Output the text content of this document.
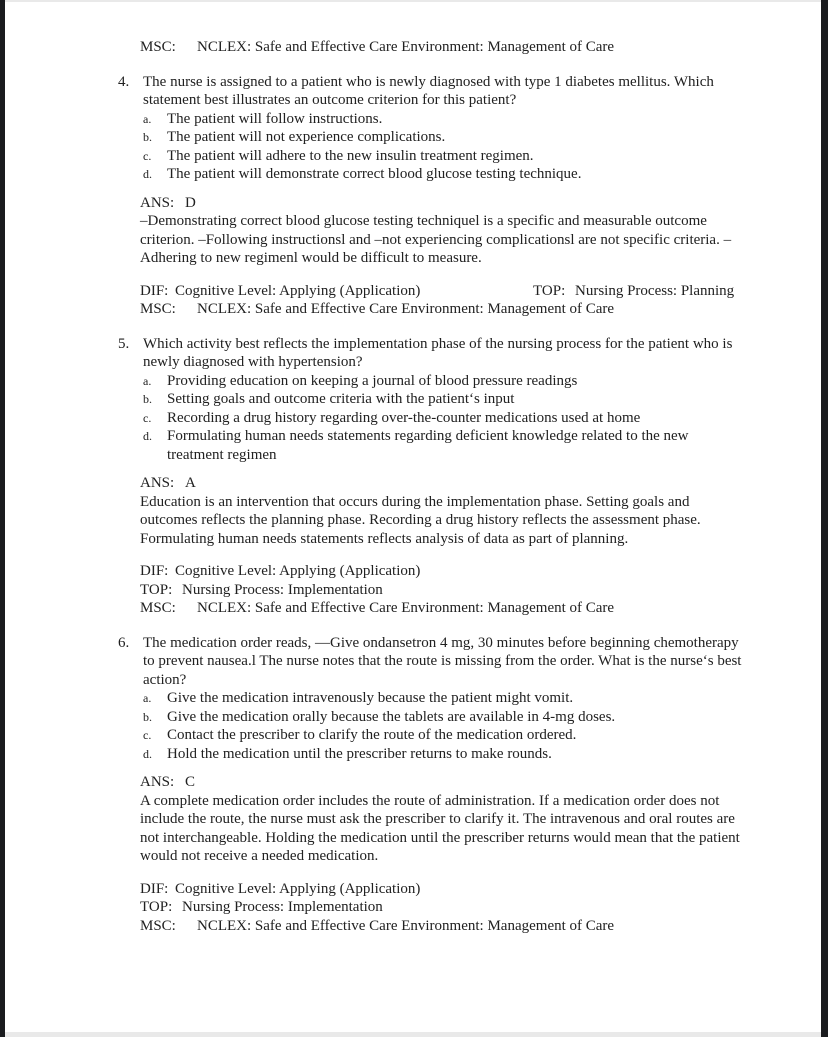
MSC: NCLEX: Safe and Effective Care Environment: Management of Care
4. The nurse is assigned to a patient who is newly diagnosed with type 1 diabetes mellitus. Which statement best illustrates an outcome criterion for this patient?
a.	The patient will follow instructions.
b.	The patient will not experience complications.
c.	The patient will adhere to the new insulin treatment regimen.
d.	The patient will demonstrate correct blood glucose testing technique.
ANS: D
–Demonstrating correct blood glucose testing techniquel is a specific and measurable outcome criterion. –Following instructionsl and –not experiencing complicationsl are not specific criteria. –Adhering to new regimenl would be difficult to measure.
DIF: Cognitive Level: Applying (Application)	TOP: Nursing Process: Planning
MSC: NCLEX: Safe and Effective Care Environment: Management of Care
5. Which activity best reflects the implementation phase of the nursing process for the patient who is newly diagnosed with hypertension?
a.	Providing education on keeping a journal of blood pressure readings
b.	Setting goals and outcome criteria with the patient‘s input
c.	Recording a drug history regarding over-the-counter medications used at home
d.	Formulating human needs statements regarding deficient knowledge related to the new treatment regimen
ANS: A
Education is an intervention that occurs during the implementation phase. Setting goals and outcomes reflects the planning phase. Recording a drug history reflects the assessment phase. Formulating human needs statements reflects analysis of data as part of planning.
DIF: Cognitive Level: Applying (Application)
TOP: Nursing Process: Implementation
MSC: NCLEX: Safe and Effective Care Environment: Management of Care
6. The medication order reads, —Give ondansetron 4 mg, 30 minutes before beginning chemotherapy to prevent nausea.l The nurse notes that the route is missing from the order. What is the nurse‘s best action?
a.	Give the medication intravenously because the patient might vomit.
b.	Give the medication orally because the tablets are available in 4-mg doses.
c.	Contact the prescriber to clarify the route of the medication ordered.
d.	Hold the medication until the prescriber returns to make rounds.
ANS: C
A complete medication order includes the route of administration. If a medication order does not include the route, the nurse must ask the prescriber to clarify it. The intravenous and oral routes are not interchangeable. Holding the medication until the prescriber returns would mean that the patient would not receive a needed medication.
DIF: Cognitive Level: Applying (Application)
TOP: Nursing Process: Implementation
MSC: NCLEX: Safe and Effective Care Environment: Management of Care
